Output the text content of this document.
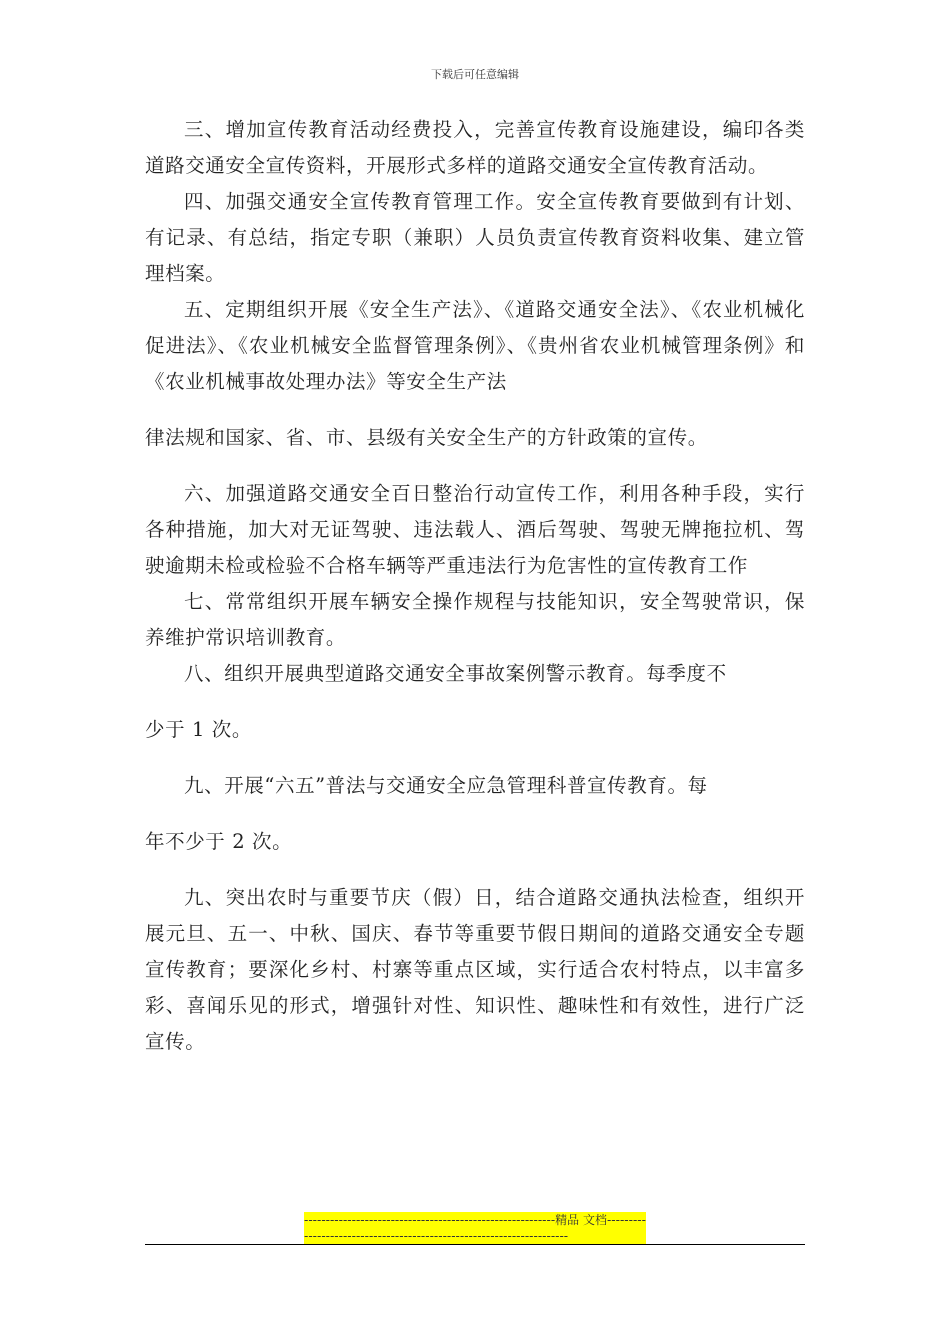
下载后可任意编辑

三、增加宣传教育活动经费投入，完善宣传教育设施建设，编印各类道路交通安全宣传资料，开展形式多样的道路交通安全宣传教育活动。

四、加强交通安全宣传教育管理工作。安全宣传教育要做到有计划、有记录、有总结，指定专职（兼职）人员负责宣传教育资料收集、建立管理档案。

五、定期组织开展《安全生产法》、《道路交通安全法》、《农业机械化促进法》、《农业机械安全监督管理条例》、《贵州省农业机械管理条例》和《农业机械事故处理办法》等安全生产法

律法规和国家、省、市、县级有关安全生产的方针政策的宣传。

六、加强道路交通安全百日整治行动宣传工作，利用各种手段，实行各种措施，加大对无证驾驶、违法载人、酒后驾驶、驾驶无牌拖拉机、驾驶逾期未检或检验不合格车辆等严重违法行为危害性的宣传教育工作

七、常常组织开展车辆安全操作规程与技能知识，安全驾驶常识，保养维护常识培训教育。

八、组织开展典型道路交通安全事故案例警示教育。每季度不

少于 1 次。

九、开展“六五”普法与交通安全应急管理科普宣传教育。每

年不少于 2 次。

九、突出农时与重要节庆（假）日，结合道路交通执法检查，组织开展元旦、五一、中秋、国庆、春节等重要节假日期间的道路交通安全专题宣传教育；要深化乡村、村寨等重点区域，实行适合农村特点，以丰富多彩、喜闻乐见的形式，增强针对性、知识性、趣味性和有效性，进行广泛宣传。

----------------------------------------------------------精品 文档----------------------------------------------------------------------
